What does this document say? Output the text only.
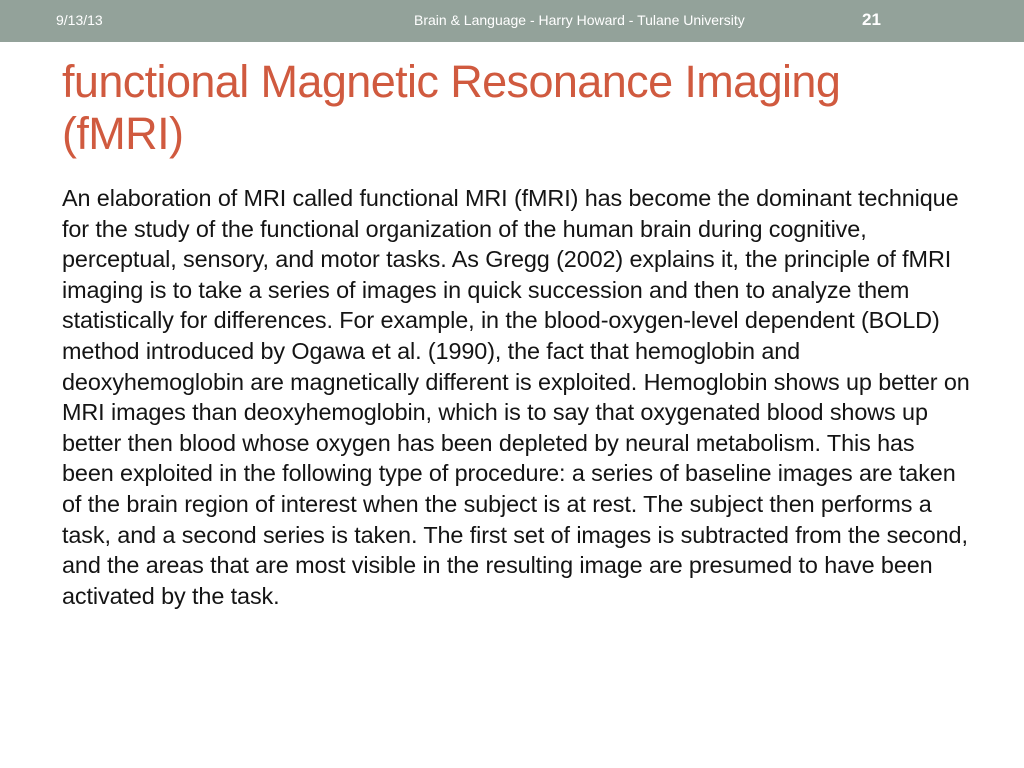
9/13/13	Brain & Language - Harry Howard - Tulane University	21
functional Magnetic Resonance Imaging (fMRI)

An elaboration of MRI called functional MRI (fMRI) has become the dominant technique for the study of the functional organization of the human brain during cognitive, perceptual, sensory, and motor tasks. As Gregg (2002) explains it, the principle of fMRI imaging is to take a series of images in quick succession and then to analyze them statistically for differences. For example, in the blood-oxygen-level dependent (BOLD) method introduced by Ogawa et al. (1990), the fact that hemoglobin and deoxyhemoglobin are magnetically different is exploited. Hemoglobin shows up better on MRI images than deoxyhemoglobin, which is to say that oxygenated blood shows up better then blood whose oxygen has been depleted by neural metabolism. This has been exploited in the following type of procedure: a series of baseline images are taken of the brain region of interest when the subject is at rest. The subject then performs a task, and a second series is taken. The first set of images is subtracted from the second, and the areas that are most visible in the resulting image are presumed to have been activated by the task.
